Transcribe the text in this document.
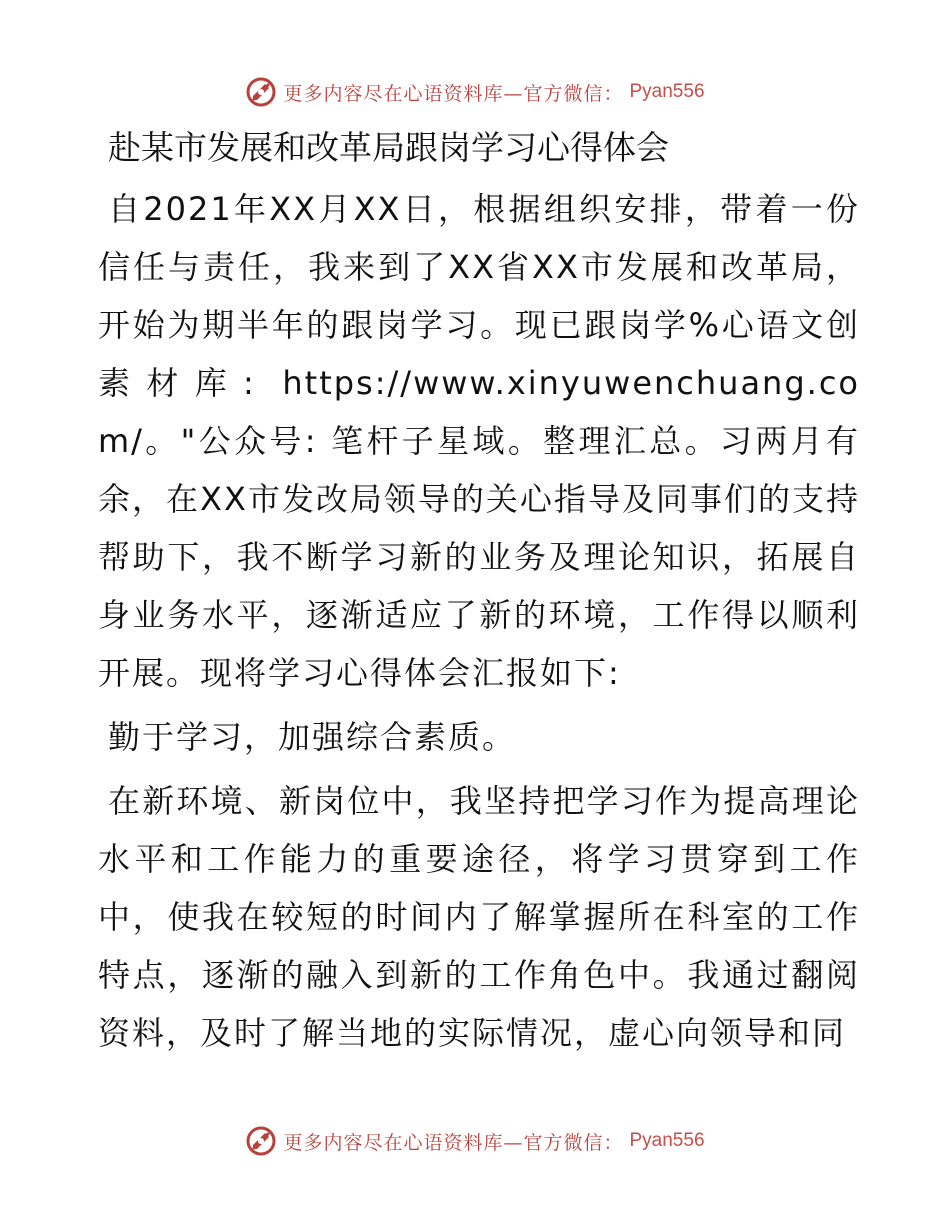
更多内容尽在心语资料库—官方微信： Pyan556
赴某市发展和改革局跟岗学习心得体会

自2021年XX月XX日，根据组织安排，带着一份信任与责任，我来到了XX省XX市发展和改革局，开始为期半年的跟岗学习。现已跟岗学%心语文创素材库: https://www.xinyuwenchuang.com/。"公众号: 笔杆子星域。整理汇总。习两月有余，在XX市发改局领导的关心指导及同事们的支持帮助下，我不断学习新的业务及理论知识，拓展自身业务水平，逐渐适应了新的环境，工作得以顺利开展。现将学习心得体会汇报如下:

勤于学习，加强综合素质。

在新环境、新岗位中，我坚持把学习作为提高理论水平和工作能力的重要途径，将学习贯穿到工作中，使我在较短的时间内了解掌握所在科室的工作特点，逐渐的融入到新的工作角色中。我通过翻阅资料，及时了解当地的实际情况，虚心向领导和同

更多内容尽在心语资料库—官方微信： Pyan556
